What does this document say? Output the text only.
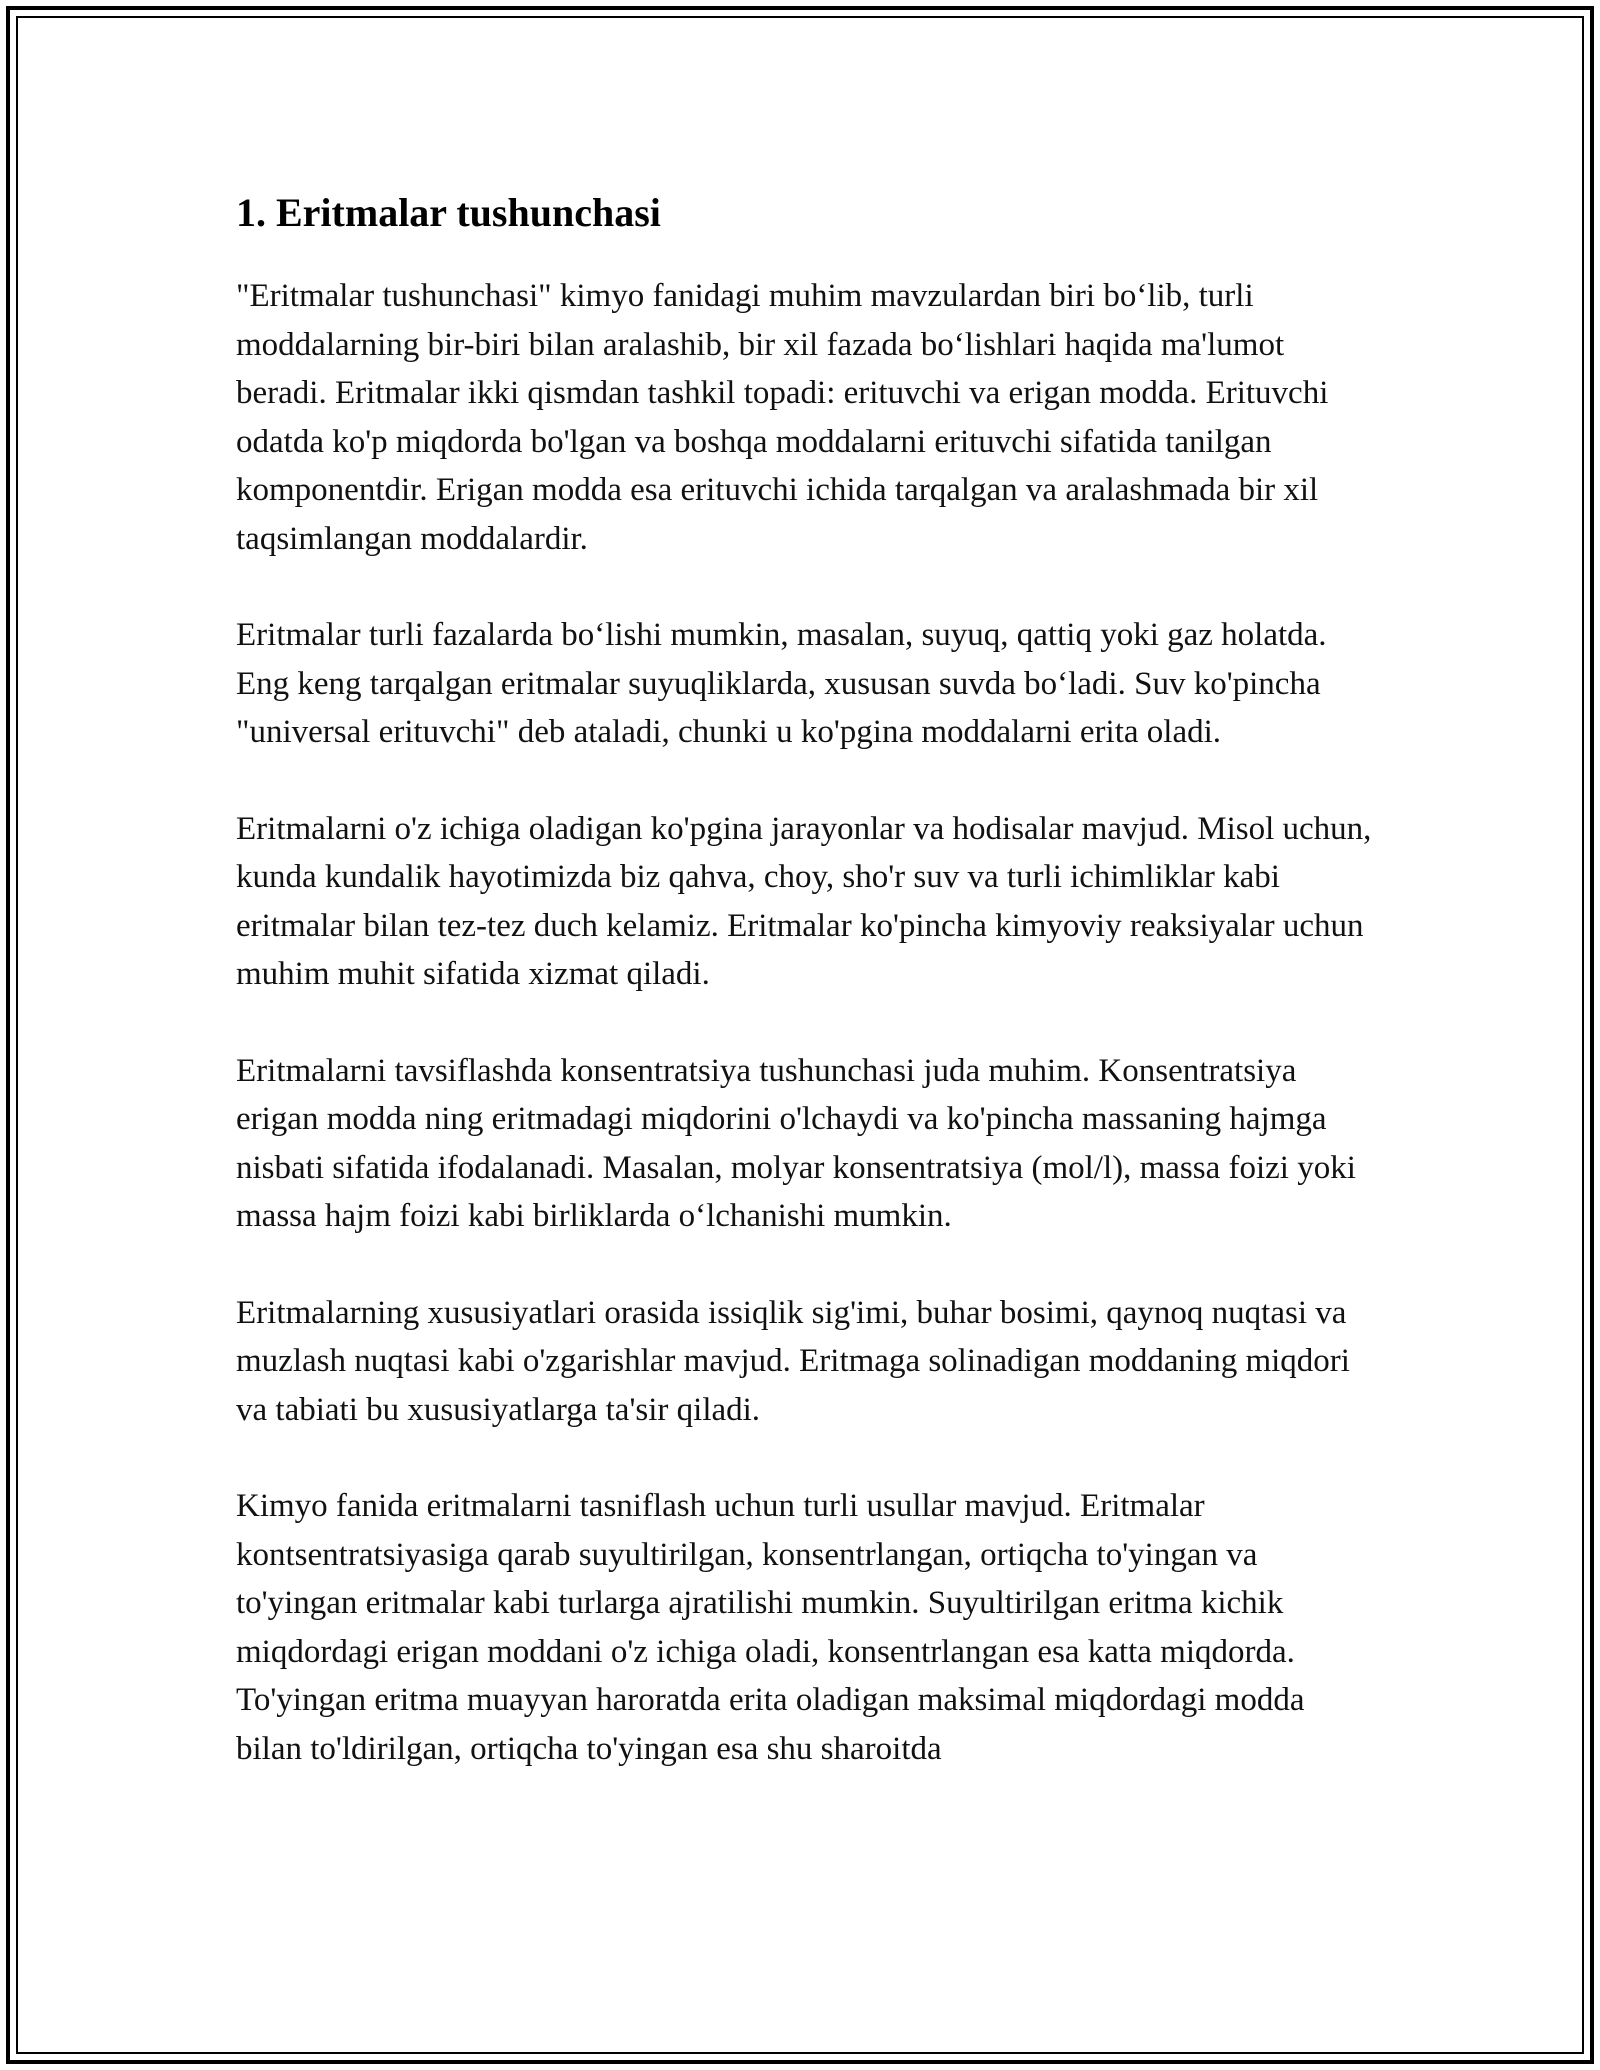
1. Eritmalar tushunchasi

"Eritmalar tushunchasi" kimyo fanidagi muhim mavzulardan biri bo‘lib, turli moddalarning bir-biri bilan aralashib, bir xil fazada bo‘lishlari haqida ma'lumot beradi. Eritmalar ikki qismdan tashkil topadi: erituvchi va erigan modda. Erituvchi odatda ko'p miqdorda bo'lgan va boshqa moddalarni erituvchi sifatida tanilgan komponentdir. Erigan modda esa erituvchi ichida tarqalgan va aralashmada bir xil taqsimlangan moddalardir.

Eritmalar turli fazalarda bo‘lishi mumkin, masalan, suyuq, qattiq yoki gaz holatda. Eng keng tarqalgan eritmalar suyuqliklarda, xususan suvda bo‘ladi. Suv ko'pincha "universal erituvchi" deb ataladi, chunki u ko'pgina moddalarni erita oladi.

Eritmalarni o'z ichiga oladigan ko'pgina jarayonlar va hodisalar mavjud. Misol uchun, kunda kundalik hayotimizda biz qahva, choy, sho'r suv va turli ichimliklar kabi eritmalar bilan tez-tez duch kelamiz. Eritmalar ko'pincha kimyoviy reaksiyalar uchun muhim muhit sifatida xizmat qiladi.

Eritmalarni tavsiflashda konsentratsiya tushunchasi juda muhim. Konsentratsiya erigan modda ning eritmadagi miqdorini o'lchaydi va ko'pincha massaning hajmga nisbati sifatida ifodalanadi. Masalan, molyar konsentratsiya (mol/l), massa foizi yoki massa hajm foizi kabi birliklarda o‘lchanishi mumkin.

Eritmalarning xususiyatlari orasida issiqlik sig'imi, buhar bosimi, qaynoq nuqtasi va muzlash nuqtasi kabi o'zgarishlar mavjud. Eritmaga solinadigan moddaning miqdori va tabiati bu xususiyatlarga ta'sir qiladi.

Kimyo fanida eritmalarni tasniflash uchun turli usullar mavjud. Eritmalar kontsentratsiyasiga qarab suyultirilgan, konsentrlangan, ortiqcha to'yingan va to'yingan eritmalar kabi turlarga ajratilishi mumkin. Suyultirilgan eritma kichik miqdordagi erigan moddani o'z ichiga oladi, konsentrlangan esa katta miqdorda. To'yingan eritma muayyan haroratda erita oladigan maksimal miqdordagi modda bilan to'ldirilgan, ortiqcha to'yingan esa shu sharoitda
